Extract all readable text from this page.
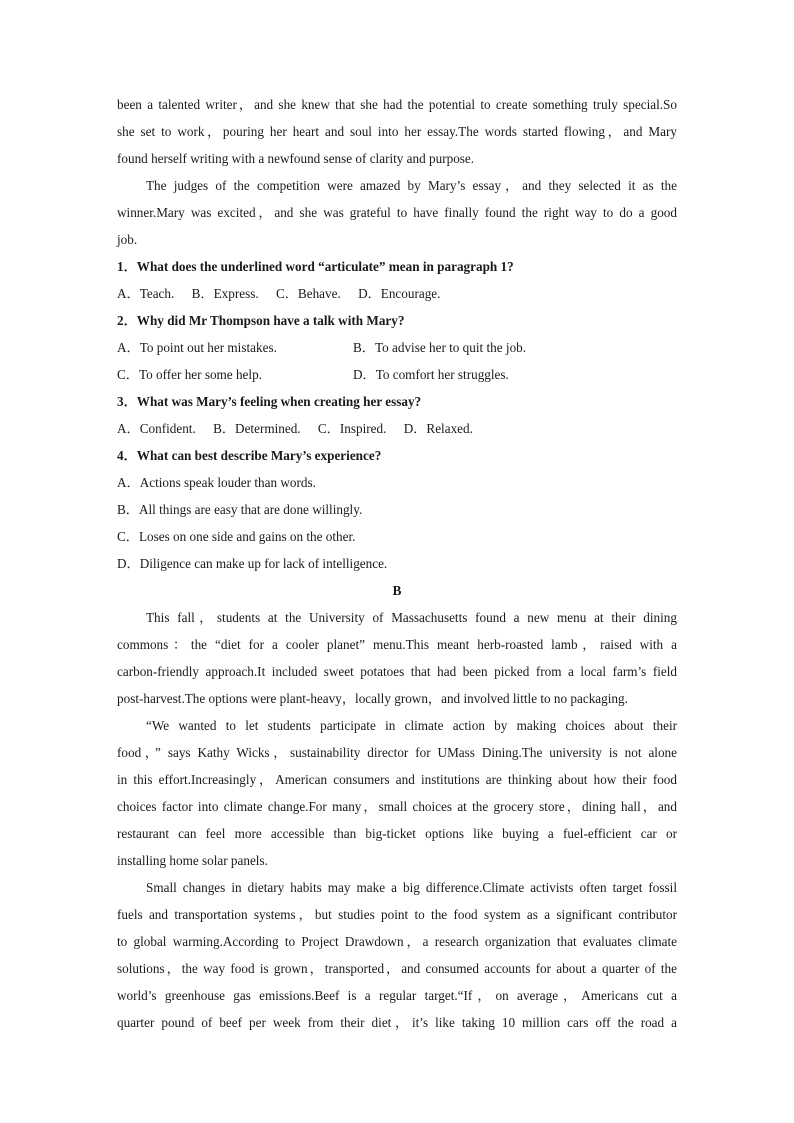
been a talented writer，and she knew that she had the potential to create something truly special.So
she set to work，pouring her heart and soul into her essay.The words started flowing，and Mary
found herself writing with a newfound sense of clarity and purpose.
The judges of the competition were amazed by Mary’s essay，and they selected it as the
winner.Mary was excited，and she was grateful to have finally found the right way to do a good
job.
1．What does the underlined word “articulate” mean in paragraph 1?
A．Teach. B．Express. C．Behave. D．Encourage.
2．Why did Mr Thompson have a talk with Mary?
A．To point out her mistakes.	B．To advise her to quit the job.
C．To offer her some help.	D．To comfort her struggles.
3．What was Mary’s feeling when creating her essay?
A．Confident. B．Determined. C．Inspired. D．Relaxed.
4．What can best describe Mary’s experience?
A．Actions speak louder than words.
B．All things are easy that are done willingly.
C．Loses on one side and gains on the other.
D．Diligence can make up for lack of intelligence.
B
This fall，students at the University of Massachusetts found a new menu at their dining
commons：the “diet for a cooler planet” menu.This meant herb-roasted lamb，raised with a
carbon-friendly approach.It included sweet potatoes that had been picked from a local farm’s field
post-harvest.The options were plant-heavy，locally grown，and involved little to no packaging.
“We wanted to let students participate in climate action by making choices about their
food，” says Kathy Wicks，sustainability director for UMass Dining.The university is not alone
in this effort.Increasingly，American consumers and institutions are thinking about how their food
choices factor into climate change.For many，small choices at the grocery store，dining hall，and
restaurant can feel more accessible than big-ticket options like buying a fuel-efficient car or
installing home solar panels.
Small changes in dietary habits may make a big difference.Climate activists often target fossil
fuels and transportation systems，but studies point to the food system as a significant contributor
to global warming.According to Project Drawdown，a research organization that evaluates climate
solutions，the way food is grown，transported，and consumed accounts for about a quarter of the
world’s greenhouse gas emissions.Beef is a regular target.“If，on average，Americans cut a
quarter pound of beef per week from their diet，it’s like taking 10 million cars off the road a
